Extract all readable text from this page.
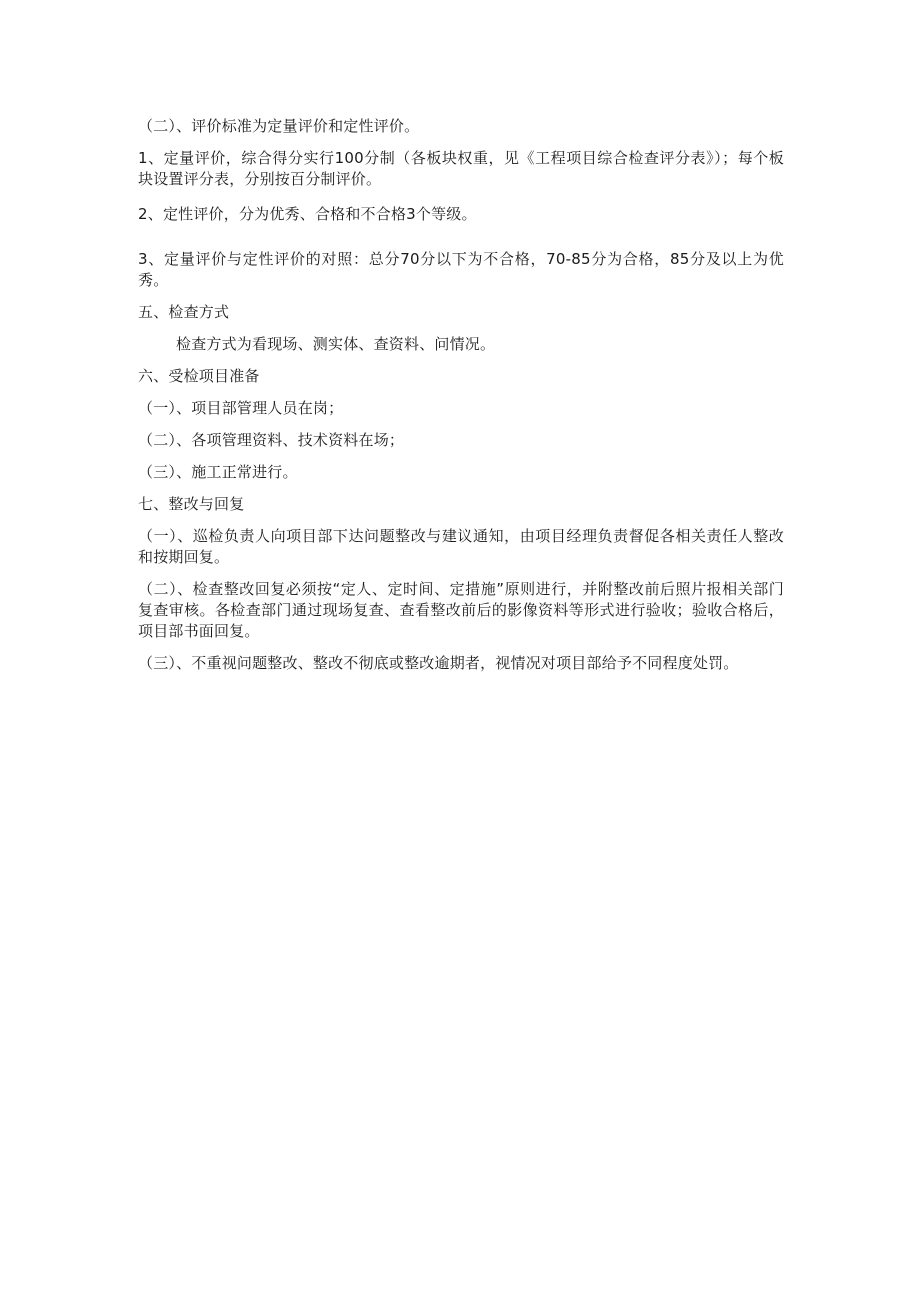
（二）、评价标准为定量评价和定性评价。
1、定量评价，综合得分实行100分制（各板块权重，见《工程项目综合检查评分表》）；每个板块设置评分表，分别按百分制评价。
2、定性评价，分为优秀、合格和不合格3个等级。
3、定量评价与定性评价的对照：总分70分以下为不合格，70-85分为合格，85分及以上为优秀。
五、检查方式
检查方式为看现场、测实体、查资料、问情况。
六、受检项目准备
（一）、项目部管理人员在岗；
（二）、各项管理资料、技术资料在场；
（三）、施工正常进行。
七、整改与回复
（一）、巡检负责人向项目部下达问题整改与建议通知，由项目经理负责督促各相关责任人整改和按期回复。
（二）、检查整改回复必须按“定人、定时间、定措施”原则进行，并附整改前后照片报相关部门复查审核。各检查部门通过现场复查、查看整改前后的影像资料等形式进行验收；验收合格后，项目部书面回复。
（三）、不重视问题整改、整改不彻底或整改逾期者，视情况对项目部给予不同程度处罚。
